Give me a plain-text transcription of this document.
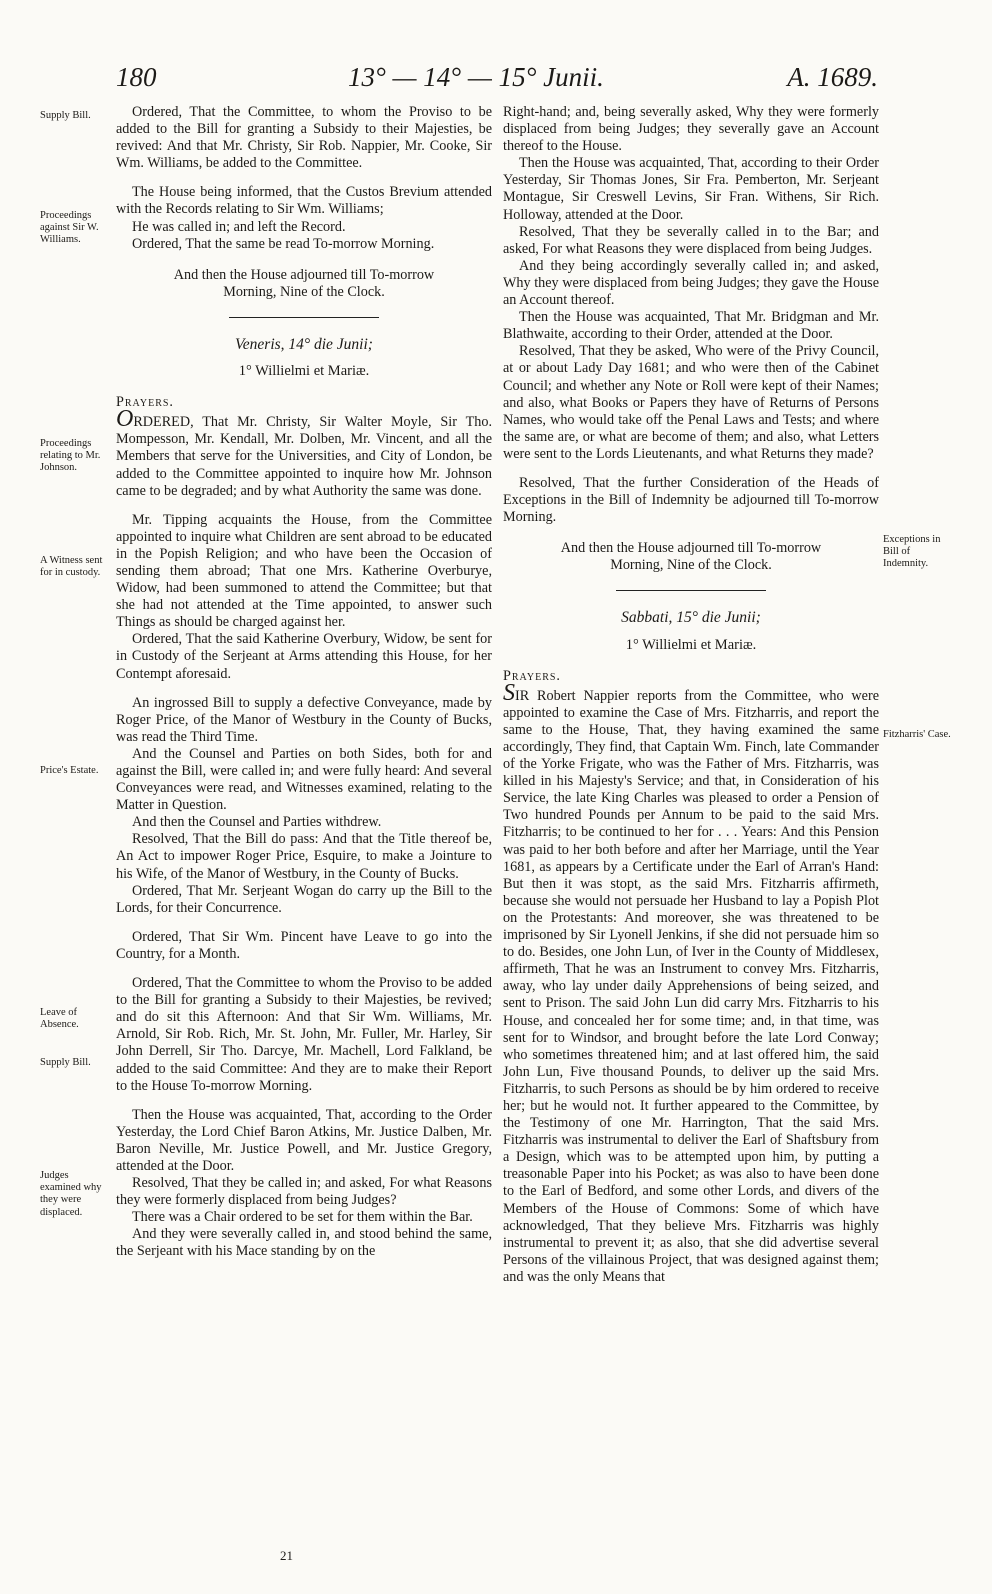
180	13° — 14° — 15° Junii.	A. 1689.
Supply Bill.
Proceedings against Sir W. Williams.
Proceedings relating to Mr. Johnson.
A Witness sent for in custody.
Price's Estate.
Leave of Absence.
Supply Bill.
Judges examined why they were displaced.
Exceptions in Bill of Indemnity.
Fitzharris' Case.

Ordered, That the Committee, to whom the Proviso to be added to the Bill for granting a Subsidy to their Majesties, be revived: And that Mr. Christy, Sir Rob. Nappier, Mr. Cooke, Sir Wm. Williams, be added to the Committee.

The House being informed, that the Custos Brevium attended with the Records relating to Sir Wm. Williams;

He was called in; and left the Record.

Ordered, That the same be read To-morrow Morning.

And then the House adjourned till To-morrow Morning, Nine of the Clock.

Veneris, 14° die Junii;

1° Willielmi et Mariæ.

Prayers.

ORDERED, That Mr. Christy, Sir Walter Moyle, Sir Tho. Mompesson, Mr. Kendall, Mr. Dolben, Mr. Vincent, and all the Members that serve for the Universities, and City of London, be added to the Committee appointed to inquire how Mr. Johnson came to be degraded; and by what Authority the same was done.

Mr. Tipping acquaints the House, from the Committee appointed to inquire what Children are sent abroad to be educated in the Popish Religion; and who have been the Occasion of sending them abroad; That one Mrs. Katherine Overburye, Widow, had been summoned to attend the Committee; but that she had not attended at the Time appointed, to answer such Things as should be charged against her.

Ordered, That the said Katherine Overbury, Widow, be sent for in Custody of the Serjeant at Arms attending this House, for her Contempt aforesaid.

An ingrossed Bill to supply a defective Conveyance, made by Roger Price, of the Manor of Westbury in the County of Bucks, was read the Third Time.

And the Counsel and Parties on both Sides, both for and against the Bill, were called in; and were fully heard: And several Conveyances were read, and Witnesses examined, relating to the Matter in Question.

And then the Counsel and Parties withdrew.

Resolved, That the Bill do pass: And that the Title thereof be, An Act to impower Roger Price, Esquire, to make a Jointure to his Wife, of the Manor of Westbury, in the County of Bucks.

Ordered, That Mr. Serjeant Wogan do carry up the Bill to the Lords, for their Concurrence.

Ordered, That Sir Wm. Pincent have Leave to go into the Country, for a Month.

Ordered, That the Committee to whom the Proviso to be added to the Bill for granting a Subsidy to their Majesties, be revived; and do sit this Afternoon: And that Sir Wm. Williams, Mr. Arnold, Sir Rob. Rich, Mr. St. John, Mr. Fuller, Mr. Harley, Sir John Derrell, Sir Tho. Darcye, Mr. Machell, Lord Falkland, be added to the said Committee: And they are to make their Report to the House To-morrow Morning.

Then the House was acquainted, That, according to the Order Yesterday, the Lord Chief Baron Atkins, Mr. Justice Dalben, Mr. Baron Neville, Mr. Justice Powell, and Mr. Justice Gregory, attended at the Door.

Resolved, That they be called in; and asked, For what Reasons they were formerly displaced from being Judges?

There was a Chair ordered to be set for them within the Bar.

And they were severally called in, and stood behind the same, the Serjeant with his Mace standing by on the

21

Right-hand; and, being severally asked, Why they were formerly displaced from being Judges; they severally gave an Account thereof to the House.

Then the House was acquainted, That, according to their Order Yesterday, Sir Thomas Jones, Sir Fra. Pemberton, Mr. Serjeant Montague, Sir Creswell Levins, Sir Fran. Withens, Sir Rich. Holloway, attended at the Door.

Resolved, That they be severally called in to the Bar; and asked, For what Reasons they were displaced from being Judges.

And they being accordingly severally called in; and asked, Why they were displaced from being Judges; they gave the House an Account thereof.

Then the House was acquainted, That Mr. Bridgman and Mr. Blathwaite, according to their Order, attended at the Door.

Resolved, That they be asked, Who were of the Privy Council, at or about Lady Day 1681; and who were then of the Cabinet Council; and whether any Note or Roll were kept of their Names; and also, what Books or Papers they have of Returns of Persons Names, who would take off the Penal Laws and Tests; and where the same are, or what are become of them; and also, what Letters were sent to the Lords Lieutenants, and what Returns they made?

Resolved, That the further Consideration of the Heads of Exceptions in the Bill of Indemnity be adjourned till To-morrow Morning.

And then the House adjourned till To-morrow Morning, Nine of the Clock.

Sabbati, 15° die Junii;

1° Willielmi et Mariæ.

Prayers.

SIR Robert Nappier reports from the Committee, who were appointed to examine the Case of Mrs. Fitzharris, and report the same to the House, That, they having examined the same accordingly, They find, that Captain Wm. Finch, late Commander of the Yorke Frigate, who was the Father of Mrs. Fitzharris, was killed in his Majesty's Service; and that, in Consideration of his Service, the late King Charles was pleased to order a Pension of Two hundred Pounds per Annum to be paid to the said Mrs. Fitzharris; to be continued to her for . . . Years: And this Pension was paid to her both before and after her Marriage, until the Year 1681, as appears by a Certificate under the Earl of Arran's Hand: But then it was stopt, as the said Mrs. Fitzharris affirmeth, because she would not persuade her Husband to lay a Popish Plot on the Protestants: And moreover, she was threatened to be imprisoned by Sir Lyonell Jenkins, if she did not persuade him so to do. Besides, one John Lun, of Iver in the County of Middlesex, affirmeth, That he was an Instrument to convey Mrs. Fitzharris, away, who lay under daily Apprehensions of being seized, and sent to Prison. The said John Lun did carry Mrs. Fitzharris to his House, and concealed her for some time; and, in that time, was sent for to Windsor, and brought before the late Lord Conway; who sometimes threatened him; and at last offered him, the said John Lun, Five thousand Pounds, to deliver up the said Mrs. Fitzharris, to such Persons as should be by him ordered to receive her; but he would not. It further appeared to the Committee, by the Testimony of one Mr. Harrington, That the said Mrs. Fitzharris was instrumental to deliver the Earl of Shaftsbury from a Design, which was to be attempted upon him, by putting a treasonable Paper into his Pocket; as was also to have been done to the Earl of Bedford, and some other Lords, and divers of the Members of the House of Commons: Some of which have acknowledged, That they believe Mrs. Fitzharris was highly instrumental to prevent it; as also, that she did advertise several Persons of the villainous Project, that was designed against them; and was the only Means that
